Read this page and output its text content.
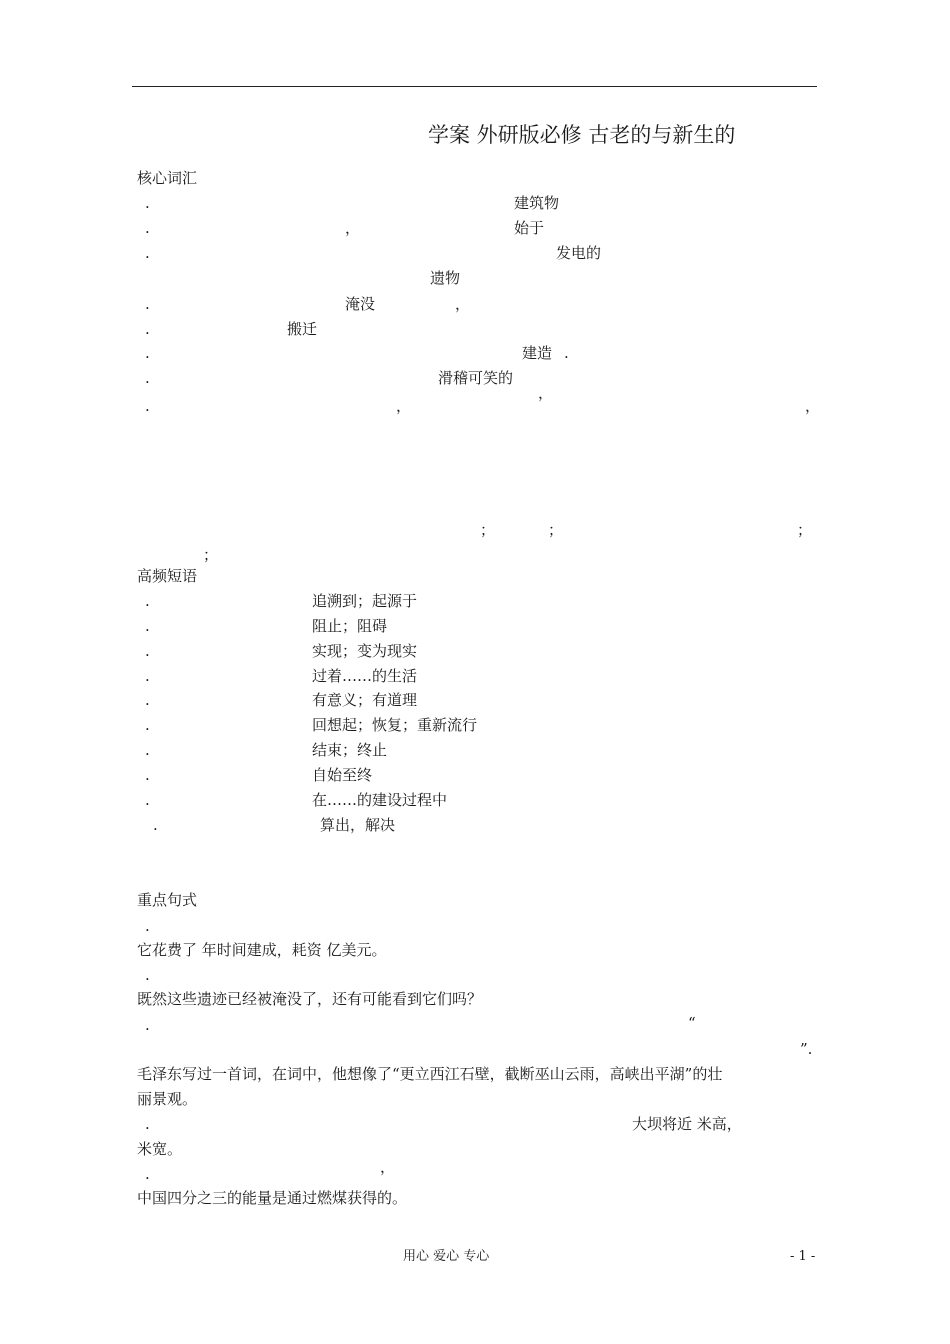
学案 外研版必修 古老的与新生的
核心词汇
.	建筑物
.	，	始于
.	发电的
遗物
.	淹没	，
.	搬迁
.	建造 .
.	滑稽可笑的
，
.	，	，
；	；	；
；
高频短语
.	追溯到；起源于
.	阻止；阻碍
.	实现；变为现实
.	过着……的生活
.	有意义；有道理
.	回想起；恢复；重新流行
.	结束；终止
.	自始至终
.	在……的建设过程中
.	算出，解决
重点句式
.
它花费了 年时间建成，耗资 亿美元。
.
既然这些遗迹已经被淹没了，还有可能看到它们吗？
.	“
”.
毛泽东写过一首词，在词中，他想像了“更立西江石壁，截断巫山云雨，高峡出平湖”的壮
丽景观。
.	大坝将近 米高，
米宽。
.	，
中国四分之三的能量是通过燃煤获得的。
用心 爱心 专心	- 1 -
